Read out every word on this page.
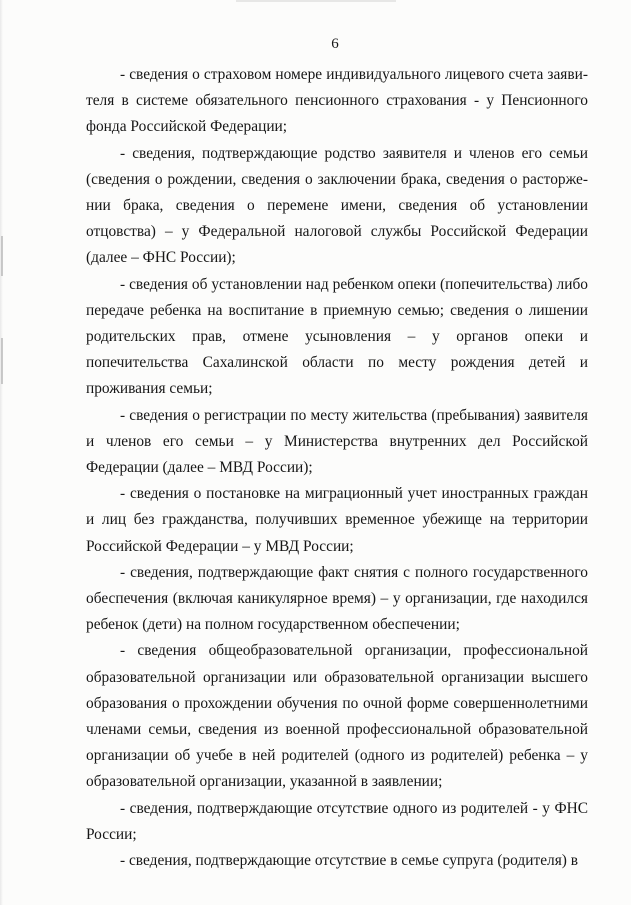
6

- сведения о страховом номере индивидуального лицевого счета заявителя в системе обязательного пенсионного страхования - у Пенсионного фонда Российской Федерации;

- сведения, подтверждающие родство заявителя и членов его семьи (сведения о рождении, сведения о заключении брака, сведения о расторжении брака, сведения о перемене имени, сведения об установлении отцовства) – у Федеральной налоговой службы Российской Федерации (далее – ФНС России);

- сведения об установлении над ребенком опеки (попечительства) либо передаче ребенка на воспитание в приемную семью; сведения о лишении родительских прав, отмене усыновления – у органов опеки и попечительства Сахалинской области по месту рождения детей и проживания семьи;

- сведения о регистрации по месту жительства (пребывания) заявителя и членов его семьи – у Министерства внутренних дел Российской Федерации (далее – МВД России);

- сведения о постановке на миграционный учет иностранных граждан и лиц без гражданства, получивших временное убежище на территории Российской Федерации – у МВД России;

- сведения, подтверждающие факт снятия с полного государственного обеспечения (включая каникулярное время) – у организации, где находился ребенок (дети) на полном государственном обеспечении;

- сведения общеобразовательной организации, профессиональной образовательной организации или образовательной организации высшего образования о прохождении обучения по очной форме совершеннолетними членами семьи, сведения из военной профессиональной образовательной организации об учебе в ней родителей (одного из родителей) ребенка – у образовательной организации, указанной в заявлении;

- сведения, подтверждающие отсутствие одного из родителей - у ФНС России;

- сведения, подтверждающие отсутствие в семье супруга (родителя) в
